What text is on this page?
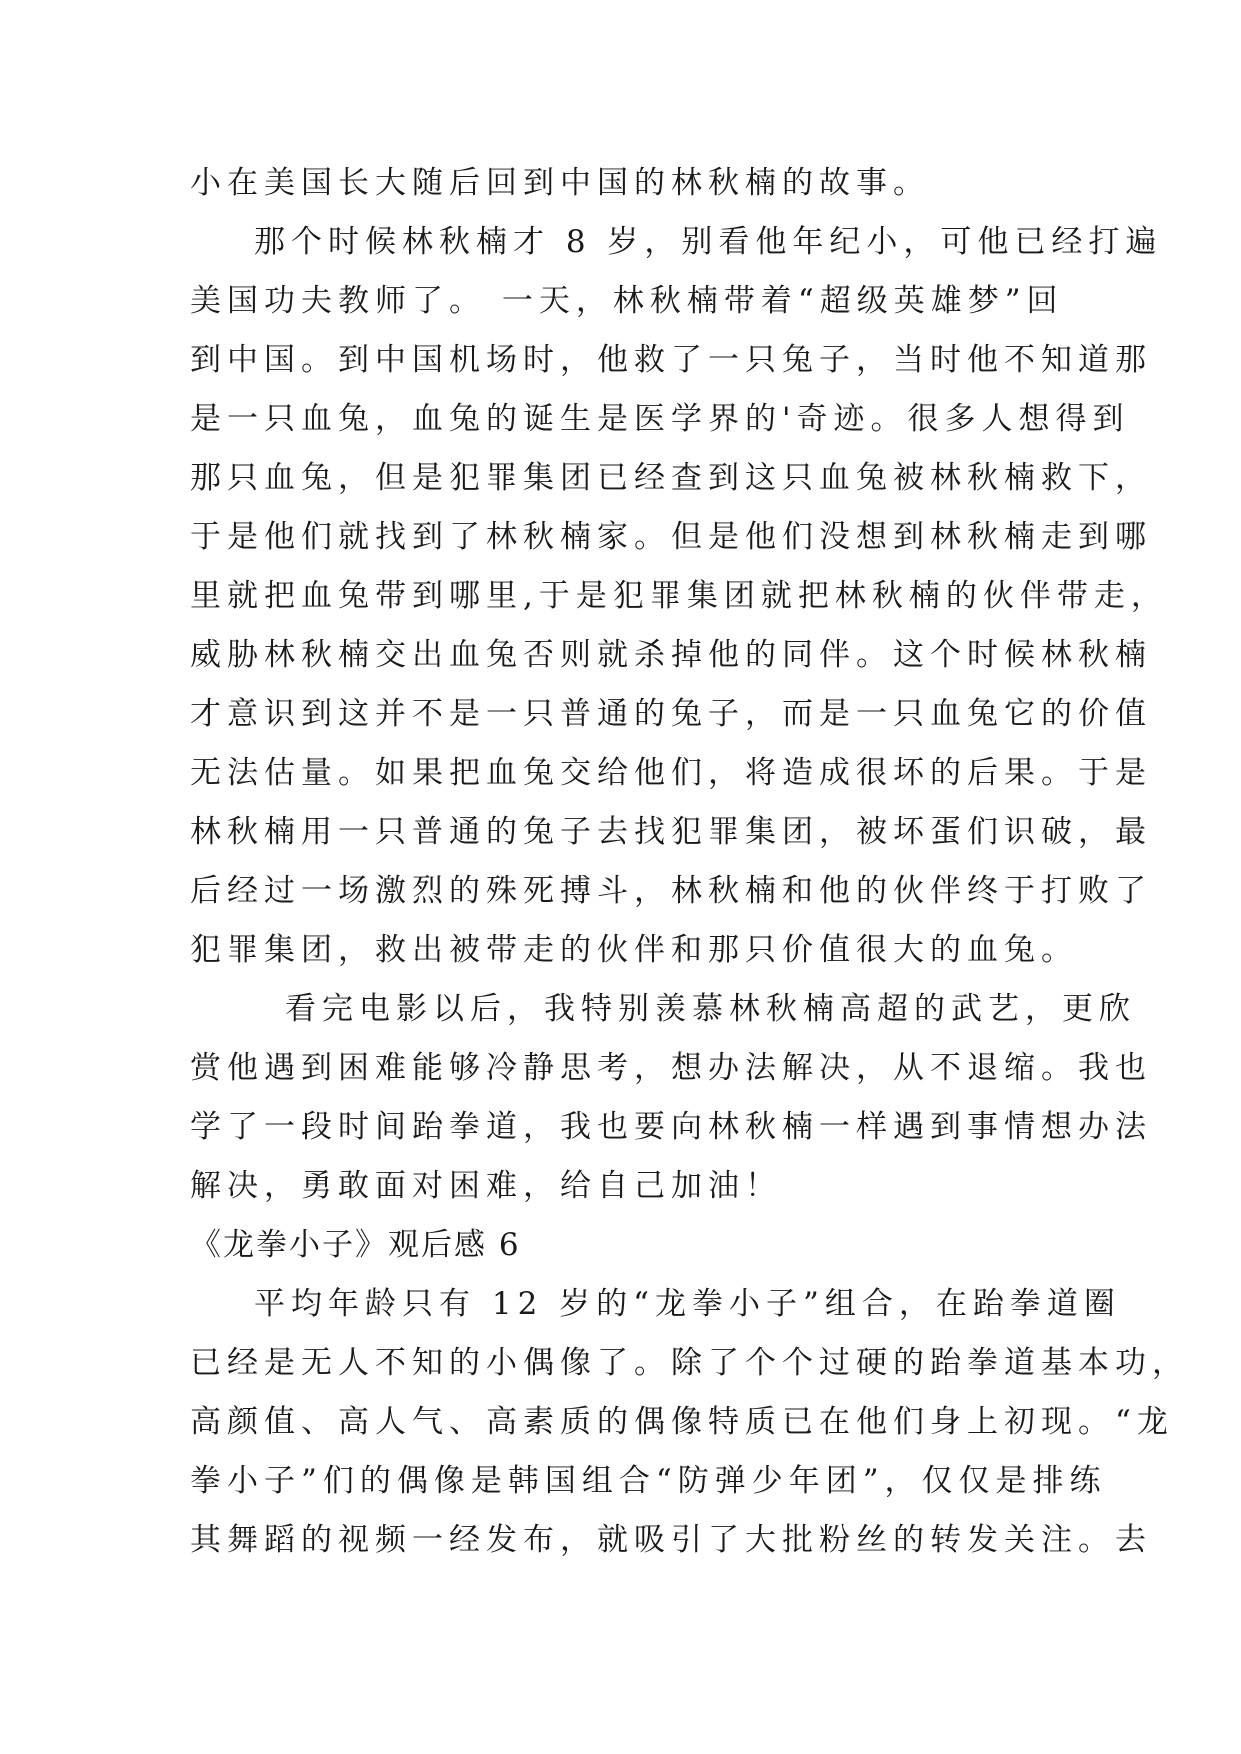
小在美国长大随后回到中国的林秋楠的故事。
那个时候林秋楠才 8 岁，别看他年纪小，可他已经打遍
美国功夫教师了。 一天，林秋楠带着“超级英雄梦”回
到中国。到中国机场时，他救了一只兔子，当时他不知道那
是一只血兔，血兔的诞生是医学界的'奇迹。很多人想得到
那只血兔，但是犯罪集团已经查到这只血兔被林秋楠救下，
于是他们就找到了林秋楠家。但是他们没想到林秋楠走到哪
里就把血兔带到哪里,于是犯罪集团就把林秋楠的伙伴带走，
威胁林秋楠交出血兔否则就杀掉他的同伴。这个时候林秋楠
才意识到这并不是一只普通的兔子，而是一只血兔它的价值
无法估量。如果把血兔交给他们，将造成很坏的后果。于是
林秋楠用一只普通的兔子去找犯罪集团，被坏蛋们识破，最
后经过一场激烈的殊死搏斗，林秋楠和他的伙伴终于打败了
犯罪集团，救出被带走的伙伴和那只价值很大的血兔。
看完电影以后，我特别羡慕林秋楠高超的武艺，更欣
赏他遇到困难能够冷静思考，想办法解决，从不退缩。我也
学了一段时间跆拳道，我也要向林秋楠一样遇到事情想办法
解决，勇敢面对困难，给自己加油！
《龙拳小子》观后感 6
平均年龄只有 12 岁的“龙拳小子”组合，在跆拳道圈
已经是无人不知的小偶像了。除了个个过硬的跆拳道基本功，
高颜值、高人气、高素质的偶像特质已在他们身上初现。“龙
拳小子”们的偶像是韩国组合“防弹少年团”，仅仅是排练
其舞蹈的视频一经发布，就吸引了大批粉丝的转发关注。去
